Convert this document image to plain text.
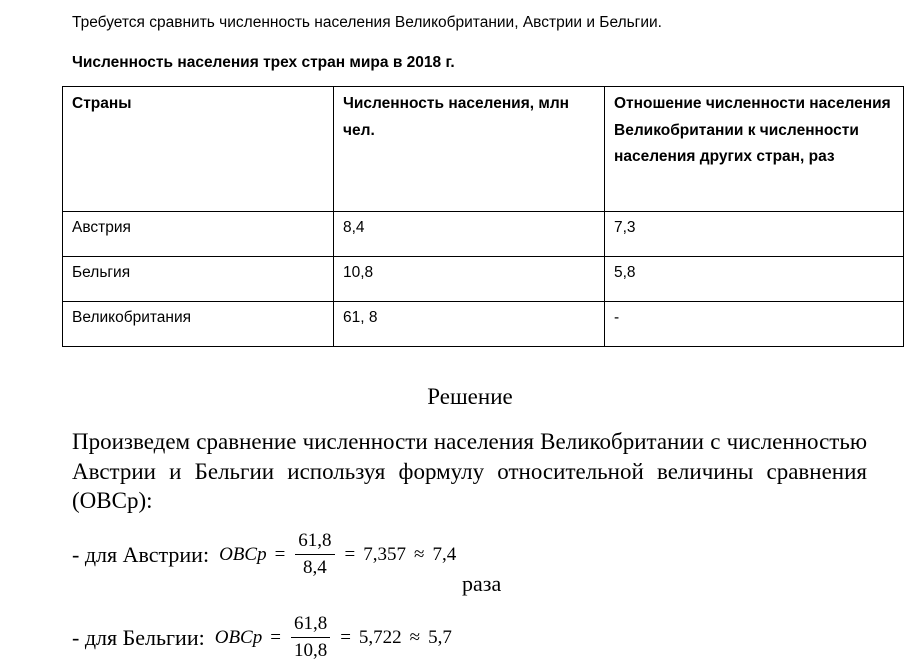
Требуется сравнить численность населения Великобритании, Австрии и Бельгии.
Численность населения трех стран мира в 2018 г.
Страны	Численность населения, млн чел.	Отношение численности населения Великобритании к численности населения других стран, раз
Австрия	8,4	7,3
Бельгия	10,8	5,8
Великобритания	61, 8	-
Решение
Произведем сравнение численности населения Великобритании с численностью Австрии и Бельгии используя формулу относительной величины сравнения (ОВСр):
- для Австрии: OBCp = $\frac{61,8}{8,4} = 7,357 \approx 7,4$
раза
- для Бельгии: OBCp = $\frac{61,8}{10,8} = 5,722 \approx 5,7$
